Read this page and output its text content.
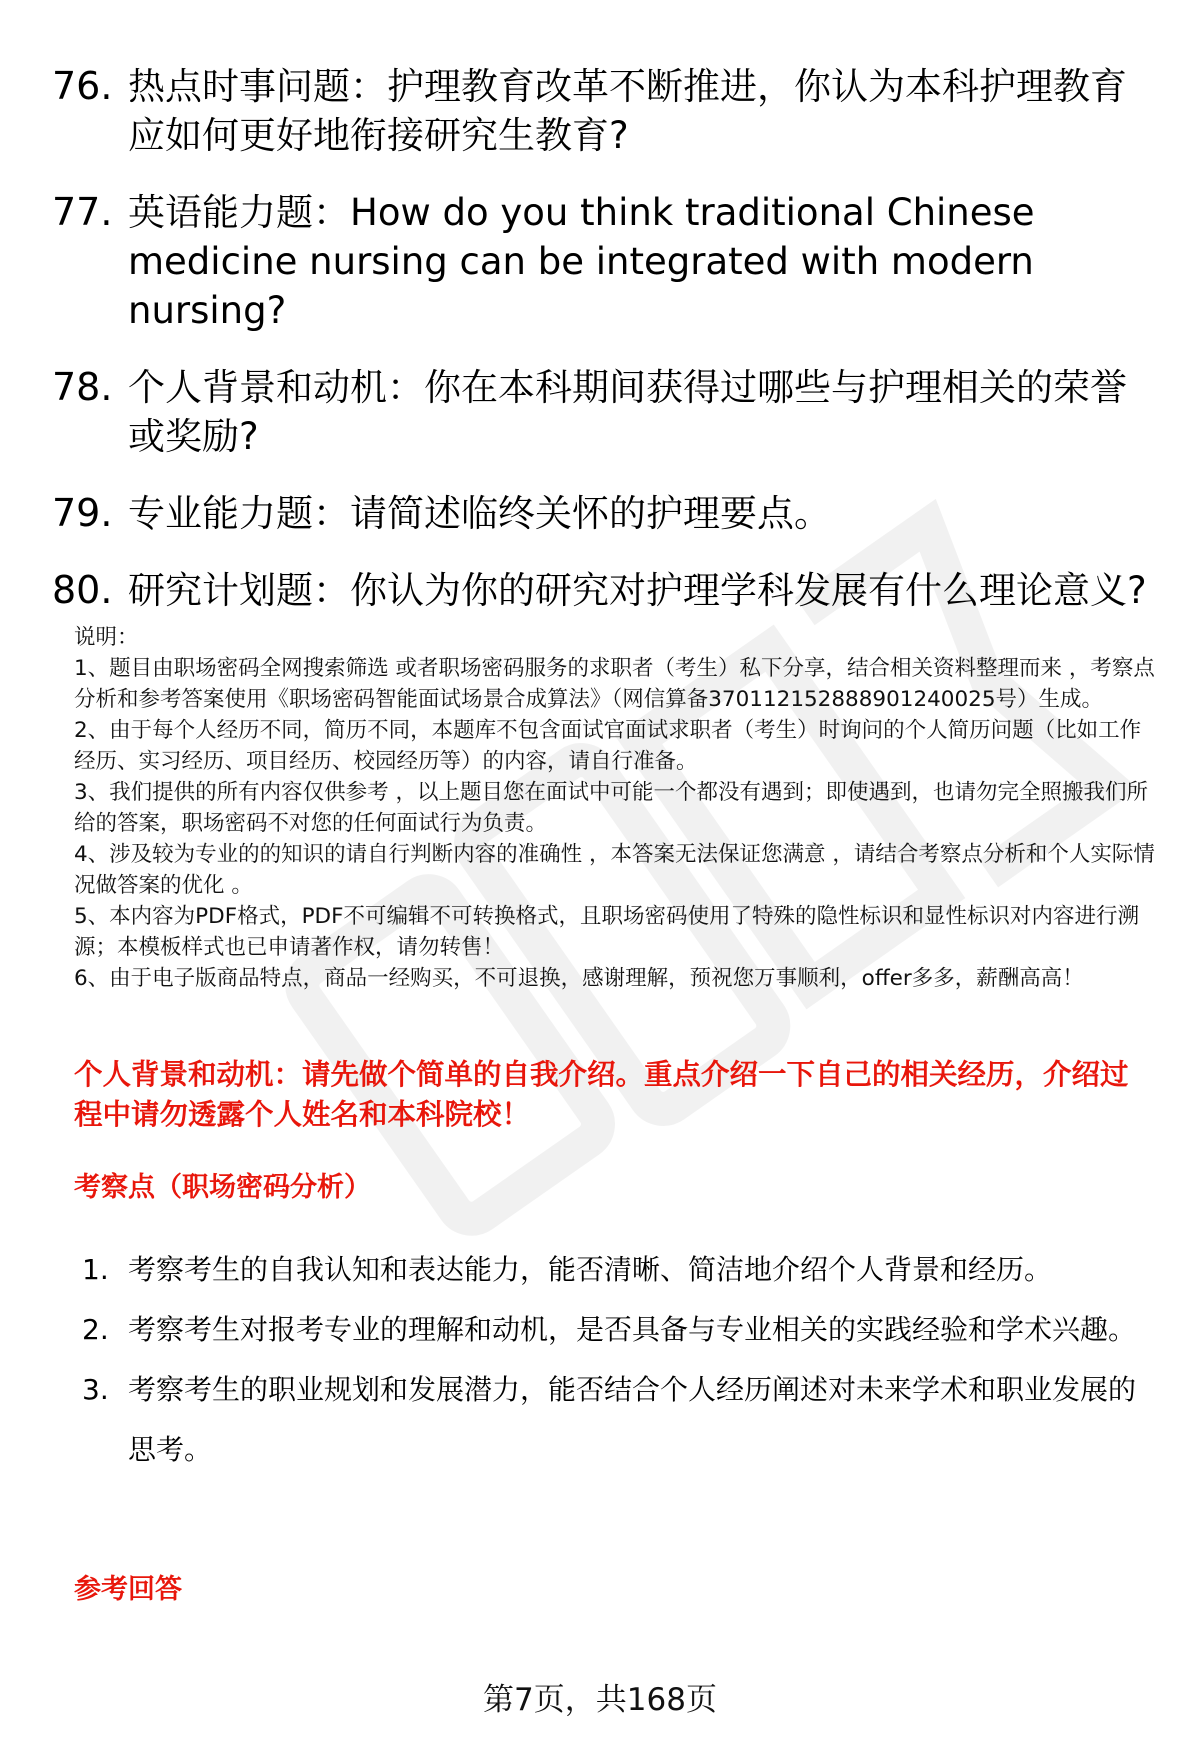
76. 热点时事问题：护理教育改革不断推进，你认为本科护理教育应如何更好地衔接研究生教育?
77. 英语能力题：How do you think traditional Chinese medicine nursing can be integrated with modern nursing?
78. 个人背景和动机：你在本科期间获得过哪些与护理相关的荣誉或奖励?
79. 专业能力题：请简述临终关怀的护理要点。
80. 研究计划题：你认为你的研究对护理学科发展有什么理论意义?
说明：
1、题目由职场密码全网搜索筛选 或者职场密码服务的求职者（考生）私下分享，结合相关资料整理而来 ，考察点分析和参考答案使用《职场密码智能面试场景合成算法》（网信算备370112152888901240025号）生成。
2、由于每个人经历不同，简历不同，本题库不包含面试官面试求职者（考生）时询问的个人简历问题（比如工作经历、实习经历、项目经历、校园经历等）的内容，请自行准备。
3、我们提供的所有内容仅供参考 ，以上题目您在面试中可能一个都没有遇到；即使遇到，也请勿完全照搬我们所给的答案，职场密码不对您的任何面试行为负责。
4、涉及较为专业的的知识的请自行判断内容的准确性 ，本答案无法保证您满意 ，请结合考察点分析和个人实际情况做答案的优化 。
5、本内容为PDF格式，PDF不可编辑不可转换格式，且职场密码使用了特殊的隐性标识和显性标识对内容进行溯源；本模板样式也已申请著作权，请勿转售！
6、由于电子版商品特点，商品一经购买，不可退换，感谢理解，预祝您万事顺利，offer多多，薪酬高高！
个人背景和动机：请先做个简单的自我介绍。重点介绍一下自己的相关经历，介绍过程中请勿透露个人姓名和本科院校！
考察点（职场密码分析）
1. 考察考生的自我认知和表达能力，能否清晰、简洁地介绍个人背景和经历。
2. 考察考生对报考专业的理解和动机，是否具备与专业相关的实践经验和学术兴趣。
3. 考察考生的职业规划和发展潜力，能否结合个人经历阐述对未来学术和职业发展的思考。
参考回答
第7页，共168页
